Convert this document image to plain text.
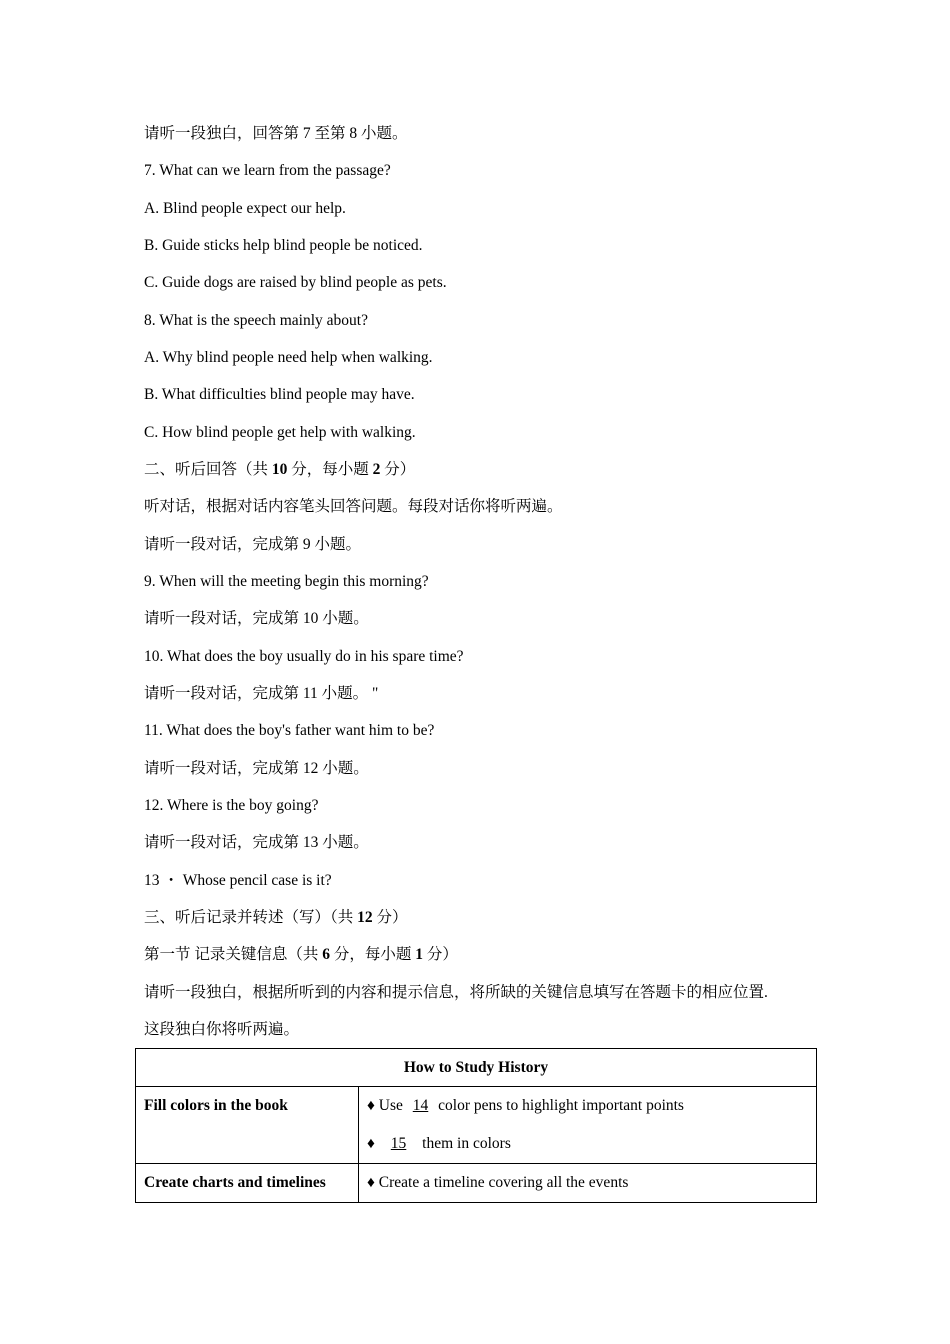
请听一段独白，回答第 7 至第 8 小题。
7. What can we learn from the passage?
A. Blind people expect our help.
B. Guide sticks help blind people be noticed.
C. Guide dogs are raised by blind people as pets.
8. What is the speech mainly about?
A. Why blind people need help when walking.
B. What difficulties blind people may have.
C. How blind people get help with walking.
二、听后回答（共 10 分，每小题 2 分）
听对话，根据对话内容笔头回答问题。每段对话你将听两遍。
请听一段对话，完成第 9 小题。
9. When will the meeting begin this morning?
请听一段对话，完成第 10 小题。
10. What does the boy usually do in his spare time?
请听一段对话，完成第 11 小题。 "
11. What does the boy's father want him to be?
请听一段对话，完成第 12 小题。
12. Where is the boy going?
请听一段对话，完成第 13 小题。
13 ・ Whose pencil case is it?
三、听后记录并转述（写）（共 12 分）
第一节 记录关键信息（共 6 分，每小题 1 分）
请听一段独白，根据所听到的内容和提示信息，将所缺的关键信息填写在答题卡的相应位置.
这段独白你将听两遍。
How to Study History	

Fill colors in the book	♦ Use 14 color pens to highlight important points
♦ 15 them in colors

Create charts and timelines	♦ Create a timeline covering all the events
